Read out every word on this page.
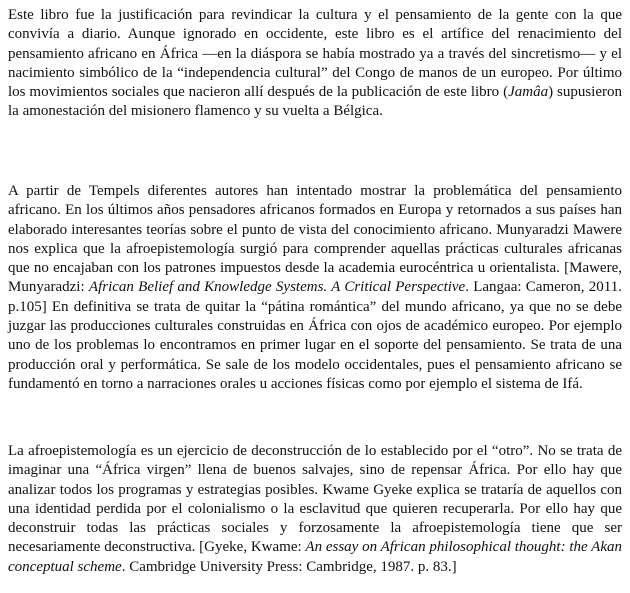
Este libro fue la justificación para revindicar la cultura y el pensamiento de la gente con la que convivía a diario. Aunque ignorado en occidente, este libro es el artífice del renacimiento del pensamiento africano en África —en la diáspora se había mostrado ya a través del sincretismo— y el nacimiento simbólico de la “independencia cultural” del Congo de manos de un europeo. Por último los movimientos sociales que nacieron allí después de la publicación de este libro (Jamâa) supusieron la amonestación del misionero flamenco y su vuelta a Bélgica.

A partir de Tempels diferentes autores han intentado mostrar la problemática del pensamiento africano. En los últimos años pensadores africanos formados en Europa y retornados a sus países han elaborado interesantes teorías sobre el punto de vista del conocimiento africano. Munyaradzi Mawere nos explica que la afroepistemología surgió para comprender aquellas prácticas culturales africanas que no encajaban con los patrones impuestos desde la academia eurocéntrica u orientalista. [Mawere, Munyaradzi: African Belief and Knowledge Systems. A Critical Perspective. Langaa: Cameron, 2011. p.105] En definitiva se trata de quitar la “pátina romántica” del mundo africano, ya que no se debe juzgar las producciones culturales construidas en África con ojos de académico europeo. Por ejemplo uno de los problemas lo encontramos en primer lugar en el soporte del pensamiento. Se trata de una producción oral y performática. Se sale de los modelo occidentales, pues el pensamiento africano se fundamentó en torno a narraciones orales u acciones físicas como por ejemplo el sistema de Ifá.

La afroepistemología es un ejercicio de deconstrucción de lo establecido por el “otro”. No se trata de imaginar una “África virgen” llena de buenos salvajes, sino de repensar África. Por ello hay que analizar todos los programas y estrategias posibles. Kwame Gyeke explica se trataría de aquellos con una identidad perdida por el colonialismo o la esclavitud que quieren recuperarla. Por ello hay que deconstruir todas las prácticas sociales y forzosamente la afroepistemología tiene que ser necesariamente deconstructiva. [Gyeke, Kwame: An essay on African philosophical thought: the Akan conceptual scheme. Cambridge University Press: Cambridge, 1987. p. 83.]
